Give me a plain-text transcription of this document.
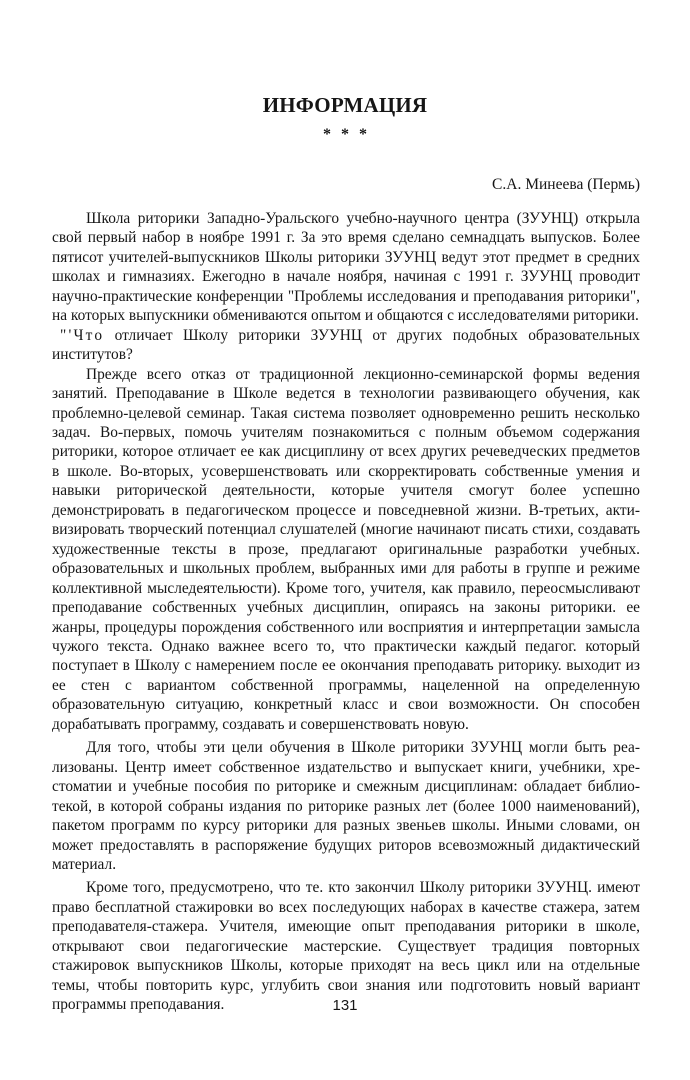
ИНФОРМАЦИЯ
* * *
С.А. Минеева (Пермь)

Школа риторики Западно-Уральского учебно-научного центра (ЗУУНЦ) открыла свой первый набор в ноябре 1991 г. За это время сделано семнадцать выпусков. Более пятисот учителей-выпускников Школы риторики ЗУУНЦ ведут этот предмет в средних школах и гимназиях. Ежегодно в начале ноября, начиная с 1991 г. ЗУУНЦ проводит научно-практические конференции "Проблемы исследования и преподавания риторики", на которых выпускники обмениваются опытом и общаются с исследователями риторики.

"'Что отличает Школу риторики ЗУУНЦ от других подобных образовательных институтов?

Прежде всего отказ от традиционной лекционно-семинарской формы ведения занятий. Преподавание в Школе ведется в технологии развивающего обучения, как проблемно-целевой семинар. Такая система позволяет одновременно решить несколько задач. Во-первых, помочь учителям познакомиться с полным объемом содержания риторики, которое отличает ее как дисциплину от всех других речеведческих предметов в школе. Во-вторых, усовершенствовать или скорректировать собственные умения и навыки риторической деятельности, которые учителя смогут более успешно демонстрировать в педагогическом процессе и повседневной жизни. В-третьих, активизировать творческий потенциал слушателей (многие начинают писать стихи, создавать художественные тексты в прозе, предлагают оригинальные разработки учебных. образовательных и школьных проблем, выбранных ими для работы в группе и режиме коллективной мыследеятельюсти). Кроме того, учителя, как правило, переосмысливают преподавание собственных учебных дисциплин, опираясь на законы риторики. ее жанры, процедуры порождения собственного или восприятия и интерпретации замысла чужого текста. Однако важнее всего то, что практически каждый педагог. который поступает в Школу с намерением после ее окончания преподавать риторику. выходит из ее стен с вариантом собственной программы, нацеленной на определенную образовательную ситуацию, конкретный класс и свои возможности. Он способен дорабатывать программу, создавать и совершенствовать новую.

Для того, чтобы эти цели обучения в Школе риторики ЗУУНЦ могли быть реализованы. Центр имеет собственное издательство и выпускает книги, учебники, хрестоматии и учебные пособия по риторике и смежным дисциплинам: обладает библиотекой, в которой собраны издания по риторике разных лет (более 1000 наименований), пакетом программ по курсу риторики для разных звеньев школы. Иными словами, он может предоставлять в распоряжение будущих риторов всевозможный дидактический материал.

Кроме того, предусмотрено, что те. кто закончил Школу риторики ЗУУНЦ. имеют право бесплатной стажировки во всех последующих наборах в качестве стажера, затем преподавателя-стажера. Учителя, имеющие опыт преподавания риторики в школе, открывают свои педагогические мастерские. Существует традиция повторных стажировок выпускников Школы, которые приходят на весь цикл или на отдельные темы, чтобы повторить курс, углубить свои знания или подготовить новый вариант программы преподавания.	131
